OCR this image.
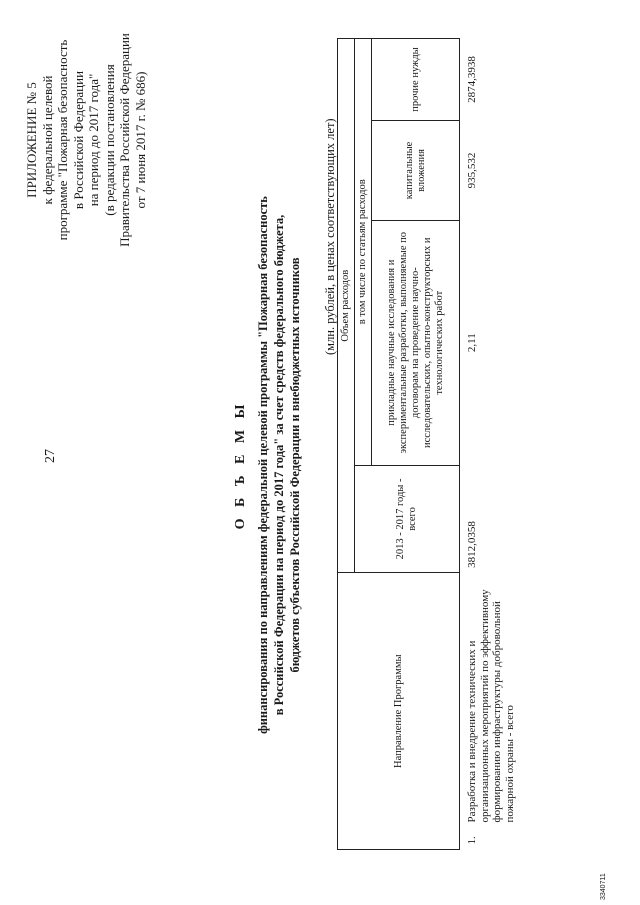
27
ПРИЛОЖЕНИЕ № 5 к федеральной целевой программе "Пожарная безопасность в Российской Федерации на период до 2017 года" (в редакции постановления Правительства Российской Федерации от 7 июня 2017 г. № 686)
О Б Ъ Е М Ы финансирования по направлениям федеральной целевой программы "Пожарная безопасность в Российской Федерации на период до 2017 года" за счет средств федерального бюджета, бюджетов субъектов Российской Федерации и внебюджетных источников
(млн. рублей, в ценах соответствующих лет)
Направление Программы		Объем расходов			
		2013 - 2017 годы - всего	в том числе по статьям расходов		
			прикладные научные исследования и экспериментальные разработки, выполняемые по договорам на проведение научно-исследовательских, опытно-конструкторских и технологических работ	капитальные вложения	прочие нужды
1.	Разработка и внедрение технических и организационных мероприятий по эффективному формированию инфраструктуры добровольной пожарной охраны - всего	3812,0358	2,11	935,532	2874,3938
3340711
